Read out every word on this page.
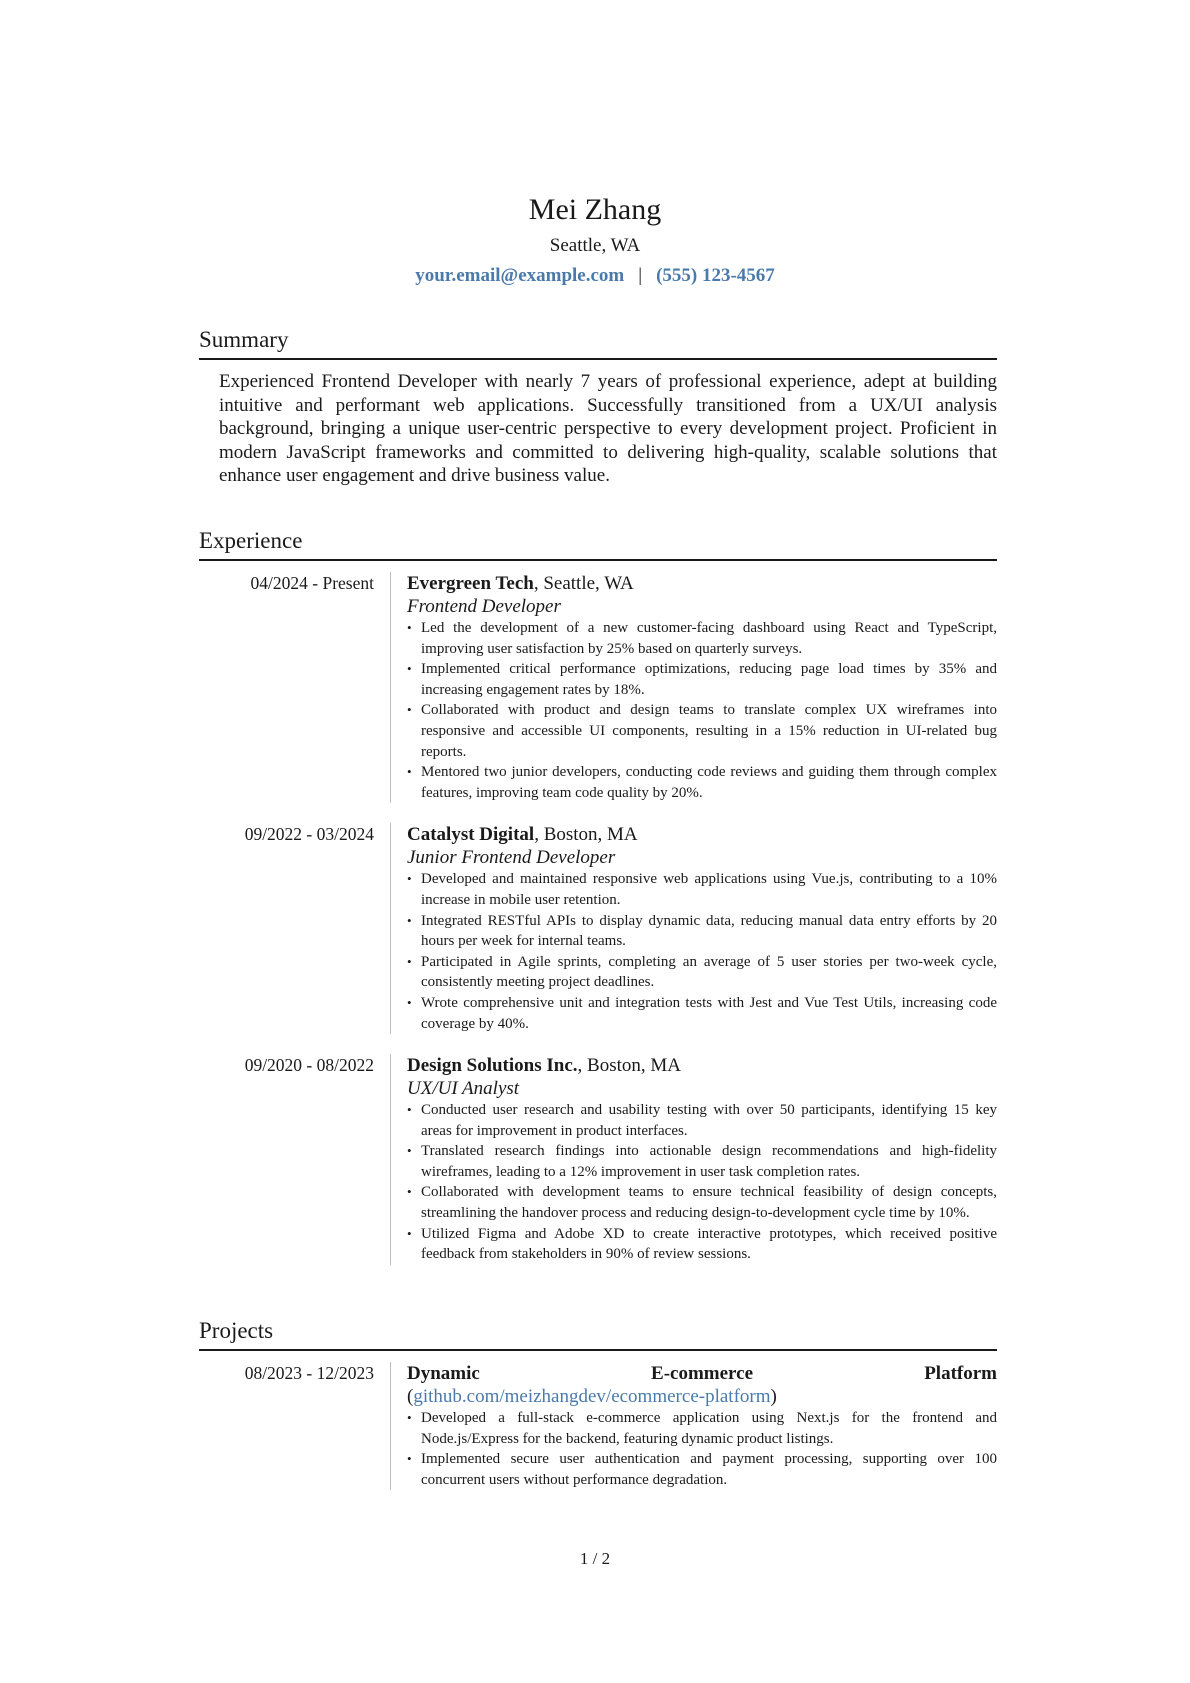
Mei Zhang
Seattle, WA
your.email@example.com | (555) 123-4567
Summary
Experienced Frontend Developer with nearly 7 years of professional experience, adept at building intuitive and performant web applications. Successfully transitioned from a UX/UI analysis background, bringing a unique user-centric perspective to every development project. Proficient in modern JavaScript frameworks and committed to delivering high-quality, scalable solutions that enhance user engagement and drive business value.
Experience
04/2024 - Present Evergreen Tech, Seattle, WA
Frontend Developer
• Led the development of a new customer-facing dashboard using React and TypeScript, improving user satisfaction by 25% based on quarterly surveys.
• Implemented critical performance optimizations, reducing page load times by 35% and increasing engagement rates by 18%.
• Collaborated with product and design teams to translate complex UX wireframes into responsive and accessible UI components, resulting in a 15% reduction in UI-related bug reports.
• Mentored two junior developers, conducting code reviews and guiding them through complex features, improving team code quality by 20%.
09/2022 - 03/2024 Catalyst Digital, Boston, MA
Junior Frontend Developer
• Developed and maintained responsive web applications using Vue.js, contributing to a 10% increase in mobile user retention.
• Integrated RESTful APIs to display dynamic data, reducing manual data entry efforts by 20 hours per week for internal teams.
• Participated in Agile sprints, completing an average of 5 user stories per two-week cycle, consistently meeting project deadlines.
• Wrote comprehensive unit and integration tests with Jest and Vue Test Utils, increasing code coverage by 40%.
09/2020 - 08/2022 Design Solutions Inc., Boston, MA
UX/UI Analyst
• Conducted user research and usability testing with over 50 participants, identifying 15 key areas for improvement in product interfaces.
• Translated research findings into actionable design recommendations and high-fidelity wireframes, leading to a 12% improvement in user task completion rates.
• Collaborated with development teams to ensure technical feasibility of design concepts, streamlining the handover process and reducing design-to-development cycle time by 10%.
• Utilized Figma and Adobe XD to create interactive prototypes, which received positive feedback from stakeholders in 90% of review sessions.
Projects
08/2023 - 12/2023 Dynamic E-commerce Platform (github.com/meizhangdev/ecommerce-platform)
• Developed a full-stack e-commerce application using Next.js for the frontend and Node.js/Express for the backend, featuring dynamic product listings.
• Implemented secure user authentication and payment processing, supporting over 100 concurrent users without performance degradation.
1 / 2
